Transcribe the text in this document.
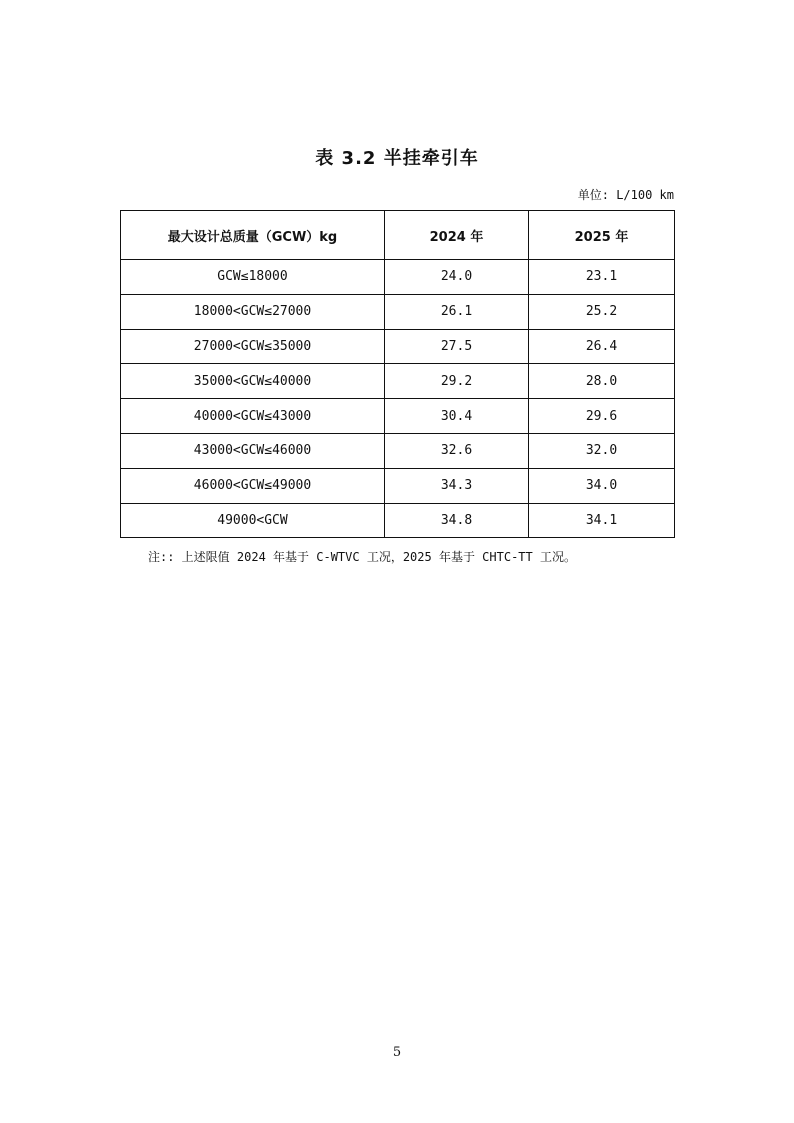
表 3.2 半挂牵引车
单位: L/100 km
最大设计总质量（GCW）kg	2024 年	2025 年
GCW≤18000	24.0	23.1
18000<GCW≤27000	26.1	25.2
27000<GCW≤35000	27.5	26.4
35000<GCW≤40000	29.2	28.0
40000<GCW≤43000	30.4	29.6
43000<GCW≤46000	32.6	32.0
46000<GCW≤49000	34.3	34.0
49000<GCW	34.8	34.1
注:: 上述限值 2024 年基于 C-WTVC 工况，2025 年基于 CHTC-TT 工况。
5
